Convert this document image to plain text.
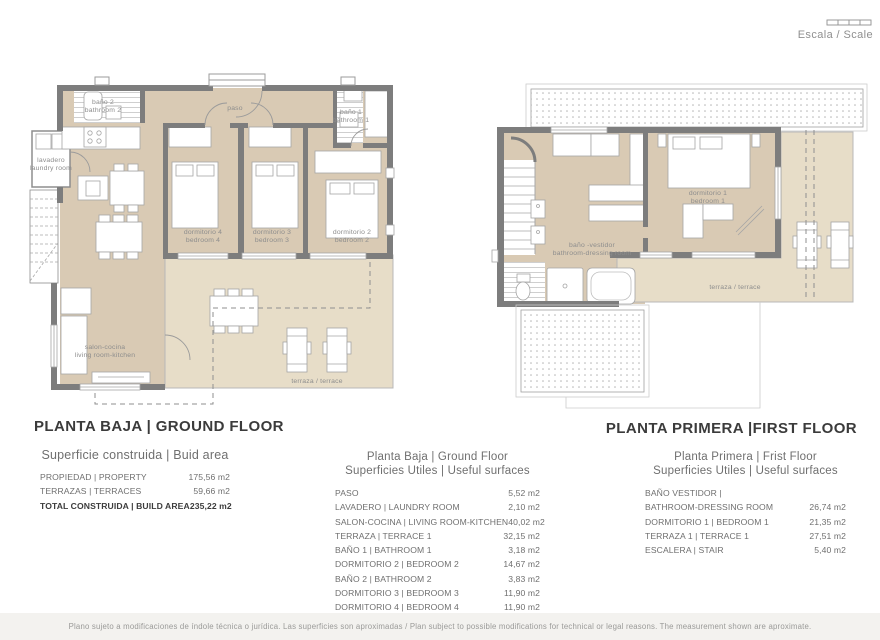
Escala / Scale
baño 2
bathroom 2	paso
baño 1
bathroom 1
lavadero
laundry room
dormitorio 4
bedroom 4
dormitorio 3
bedroom 3
dormitorio 2
bedroom 2
salon-cocina
living room-kitchen
terraza / terrace
dormitorio 1
bedroom 1
baño -vestidor
bathroom-dressing room
terraza / terrace
PLANTA BAJA | GROUND FLOOR	PLANTA PRIMERA |FIRST FLOOR
Superficie construida | Buid area
PROPIEDAD | PROPERTY	175,56 m2
TERRAZAS | TERRACES	59,66 m2
TOTAL CONSTRUIDA | BUILD AREA 235,22 m2
Planta Baja | Ground Floor
Superficies Utiles | Useful surfaces
PASO	5,52 m2
LAVADERO | LAUNDRY ROOM	2,10 m2
SALON-COCINA | LIVING ROOM-KITCHEN 40,02 m2
TERRAZA | TERRACE 1	32,15 m2
BAÑO 1 | BATHROOM 1	3,18 m2
DORMITORIO 2 | BEDROOM 2	14,67 m2
BAÑO 2 | BATHROOM 2	3,83 m2
DORMITORIO 3 | BEDROOM 3	11,90 m2
DORMITORIO 4 | BEDROOM 4	11,90 m2
Planta Primera | Frist Floor
Superficies Utiles | Useful surfaces
BAÑO VESTIDOR |
BATHROOM-DRESSING ROOM	26,74 m2
DORMITORIO 1 | BEDROOM 1	21,35 m2
TERRAZA 1 | TERRACE 1	27,51 m2
ESCALERA | STAIR	5,40 m2
Plano sujeto a modificaciones de índole técnica o jurídica. Las superficies son aproximadas / Plan subject to possible modifications for technical or legal reasons. The measurement shown are aproximate.
